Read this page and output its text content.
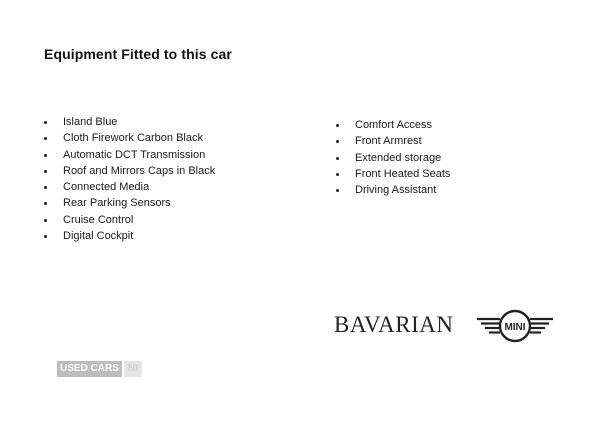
Equipment Fitted to this car
Island Blue
Cloth Firework Carbon Black
Automatic DCT Transmission
Roof and Mirrors Caps in Black
Connected Media
Rear Parking Sensors
Cruise Control
Digital Cockpit
Comfort Access
Front Armrest
Extended storage
Front Heated Seats
Driving Assistant
BAVARIAN	MINI
USED CARS NI
